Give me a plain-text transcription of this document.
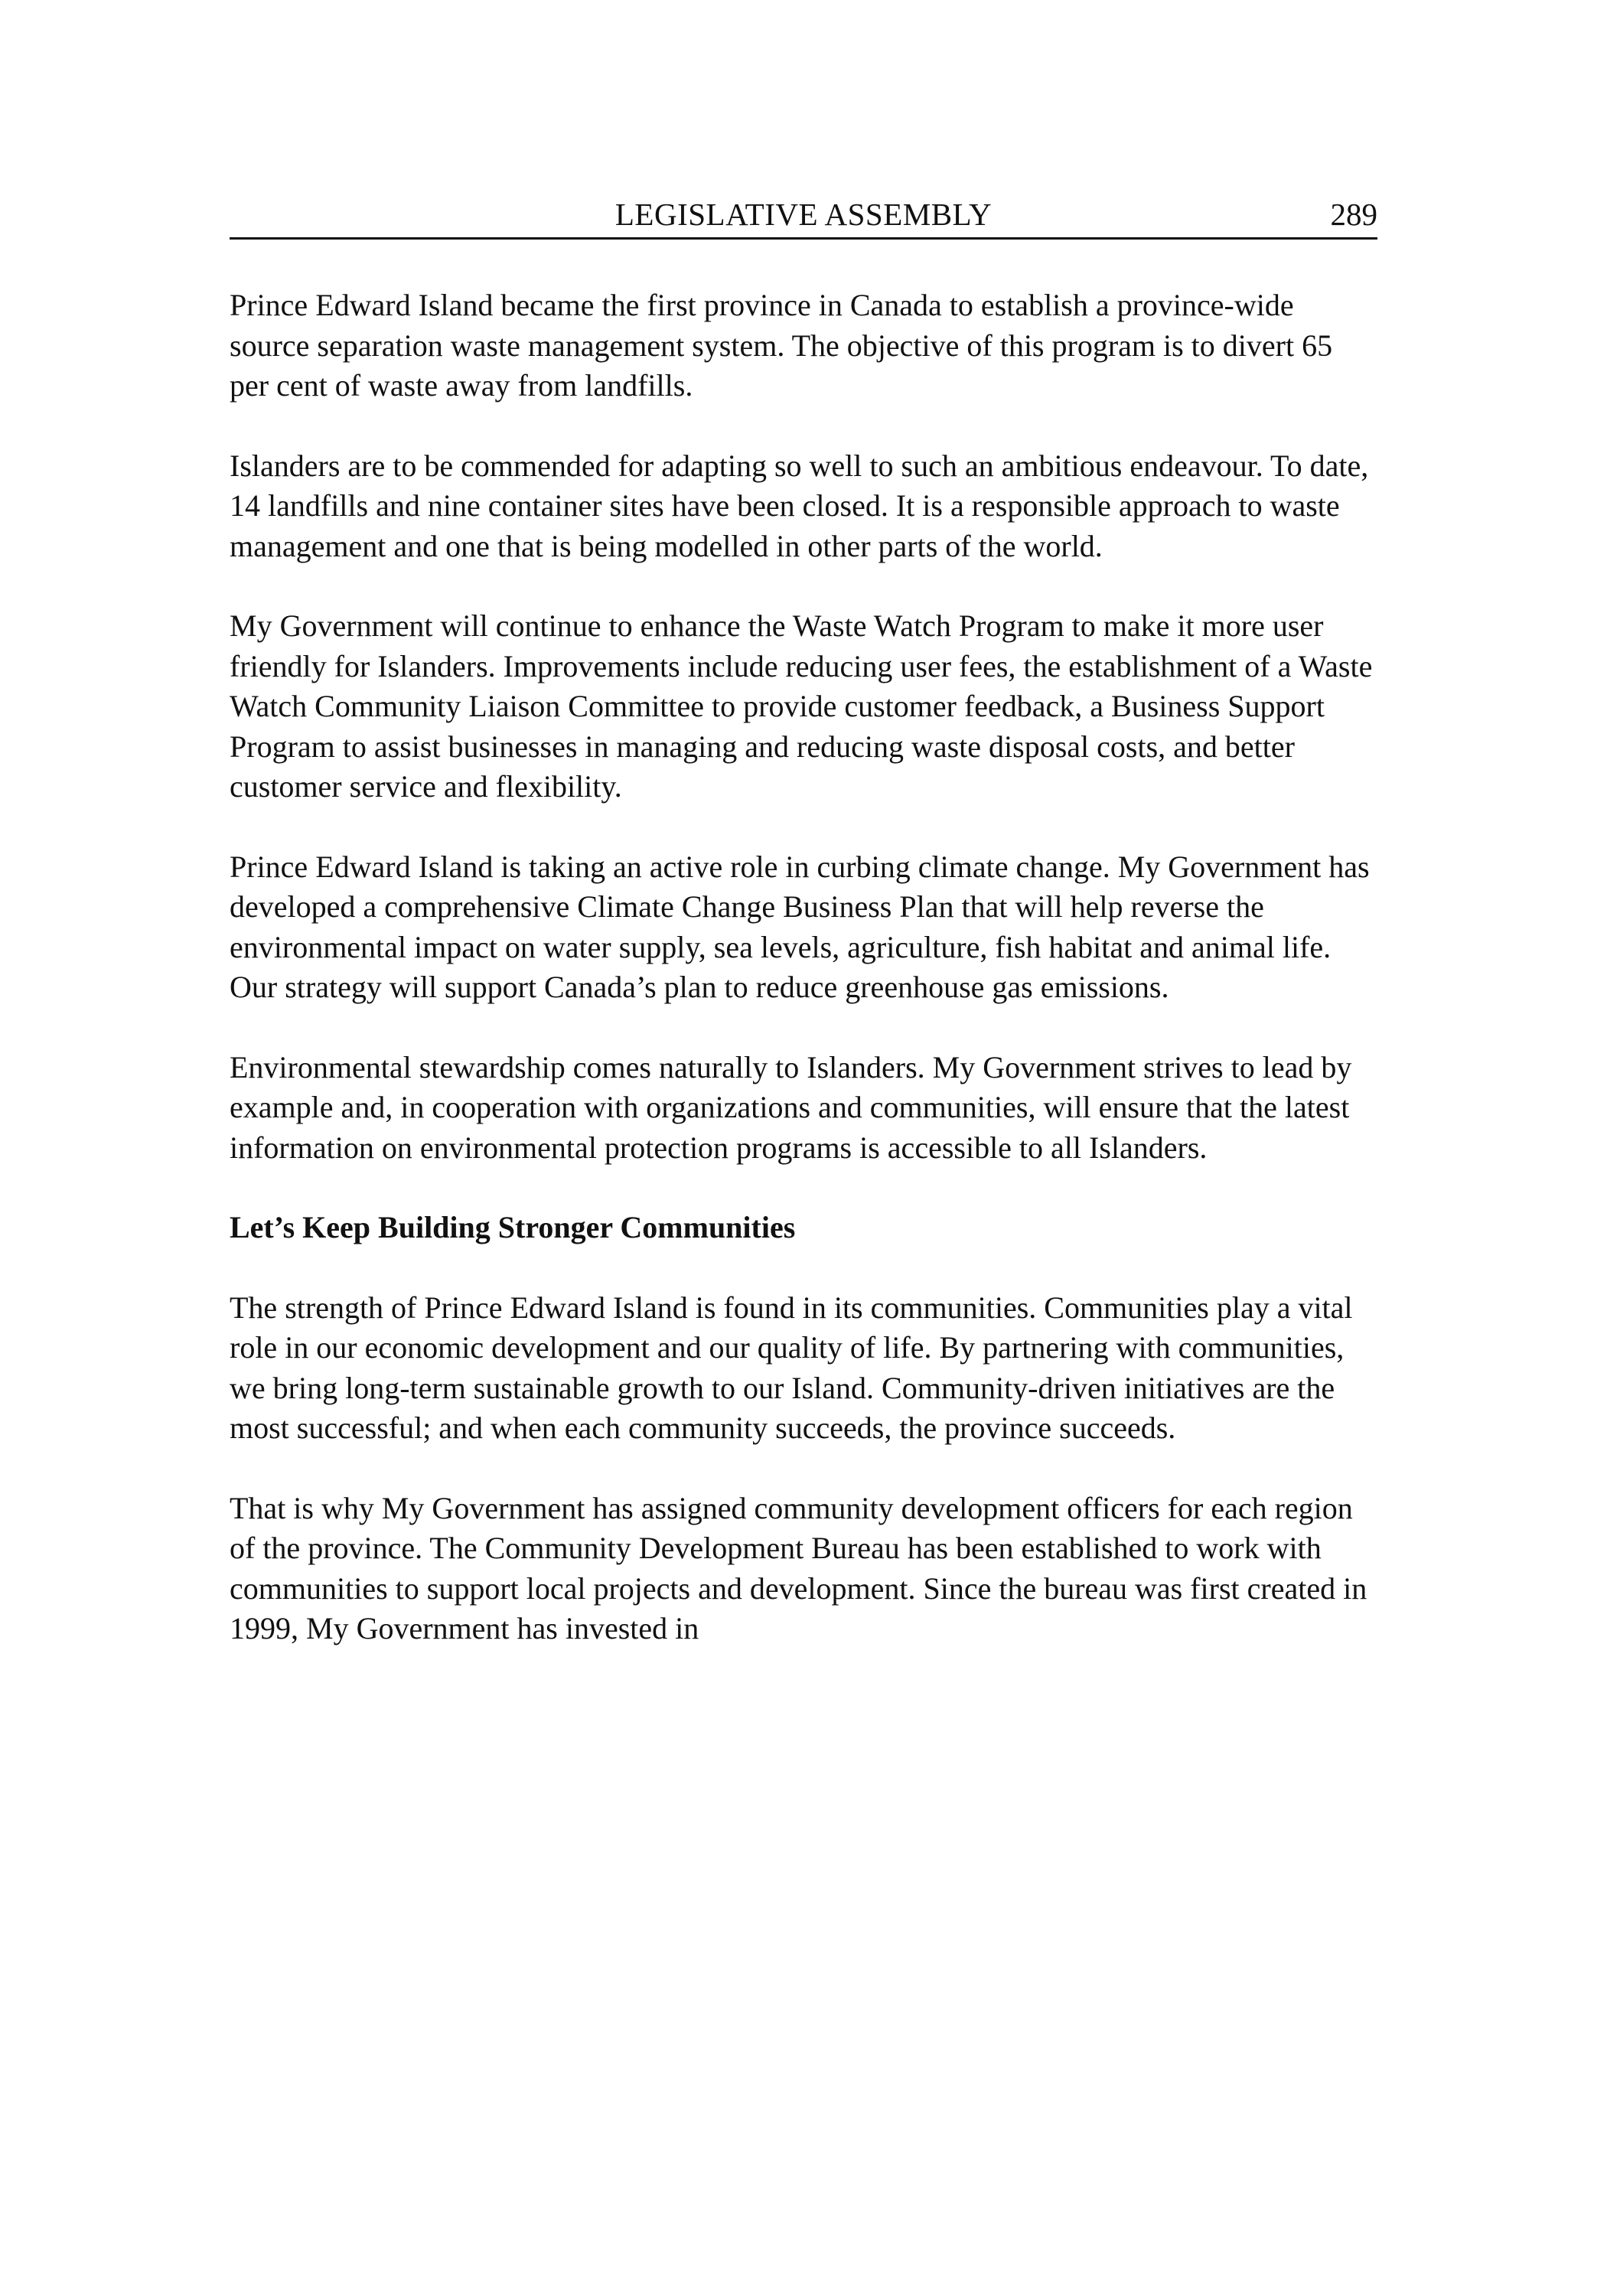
LEGISLATIVE ASSEMBLY	289

Prince Edward Island became the first province in Canada to establish a province-wide source separation waste management system. The objective of this program is to divert 65 per cent of waste away from landfills.

Islanders are to be commended for adapting so well to such an ambitious endeavour. To date, 14 landfills and nine container sites have been closed. It is a responsible approach to waste management and one that is being modelled in other parts of the world.

My Government will continue to enhance the Waste Watch Program to make it more user friendly for Islanders. Improvements include reducing user fees, the establishment of a Waste Watch Community Liaison Committee to provide customer feedback, a Business Support Program to assist businesses in managing and reducing waste disposal costs, and better customer service and flexibility.

Prince Edward Island is taking an active role in curbing climate change. My Government has developed a comprehensive Climate Change Business Plan that will help reverse the environmental impact on water supply, sea levels, agriculture, fish habitat and animal life. Our strategy will support Canada’s plan to reduce greenhouse gas emissions.

Environmental stewardship comes naturally to Islanders. My Government strives to lead by example and, in cooperation with organizations and communities, will ensure that the latest information on environmental protection programs is accessible to all Islanders.

Let’s Keep Building Stronger Communities

The strength of Prince Edward Island is found in its communities. Communities play a vital role in our economic development and our quality of life. By partnering with communities, we bring long-term sustainable growth to our Island. Community-driven initiatives are the most successful; and when each community succeeds, the province succeeds.

That is why My Government has assigned community development officers for each region of the province. The Community Development Bureau has been established to work with communities to support local projects and development. Since the bureau was first created in 1999, My Government has invested in
